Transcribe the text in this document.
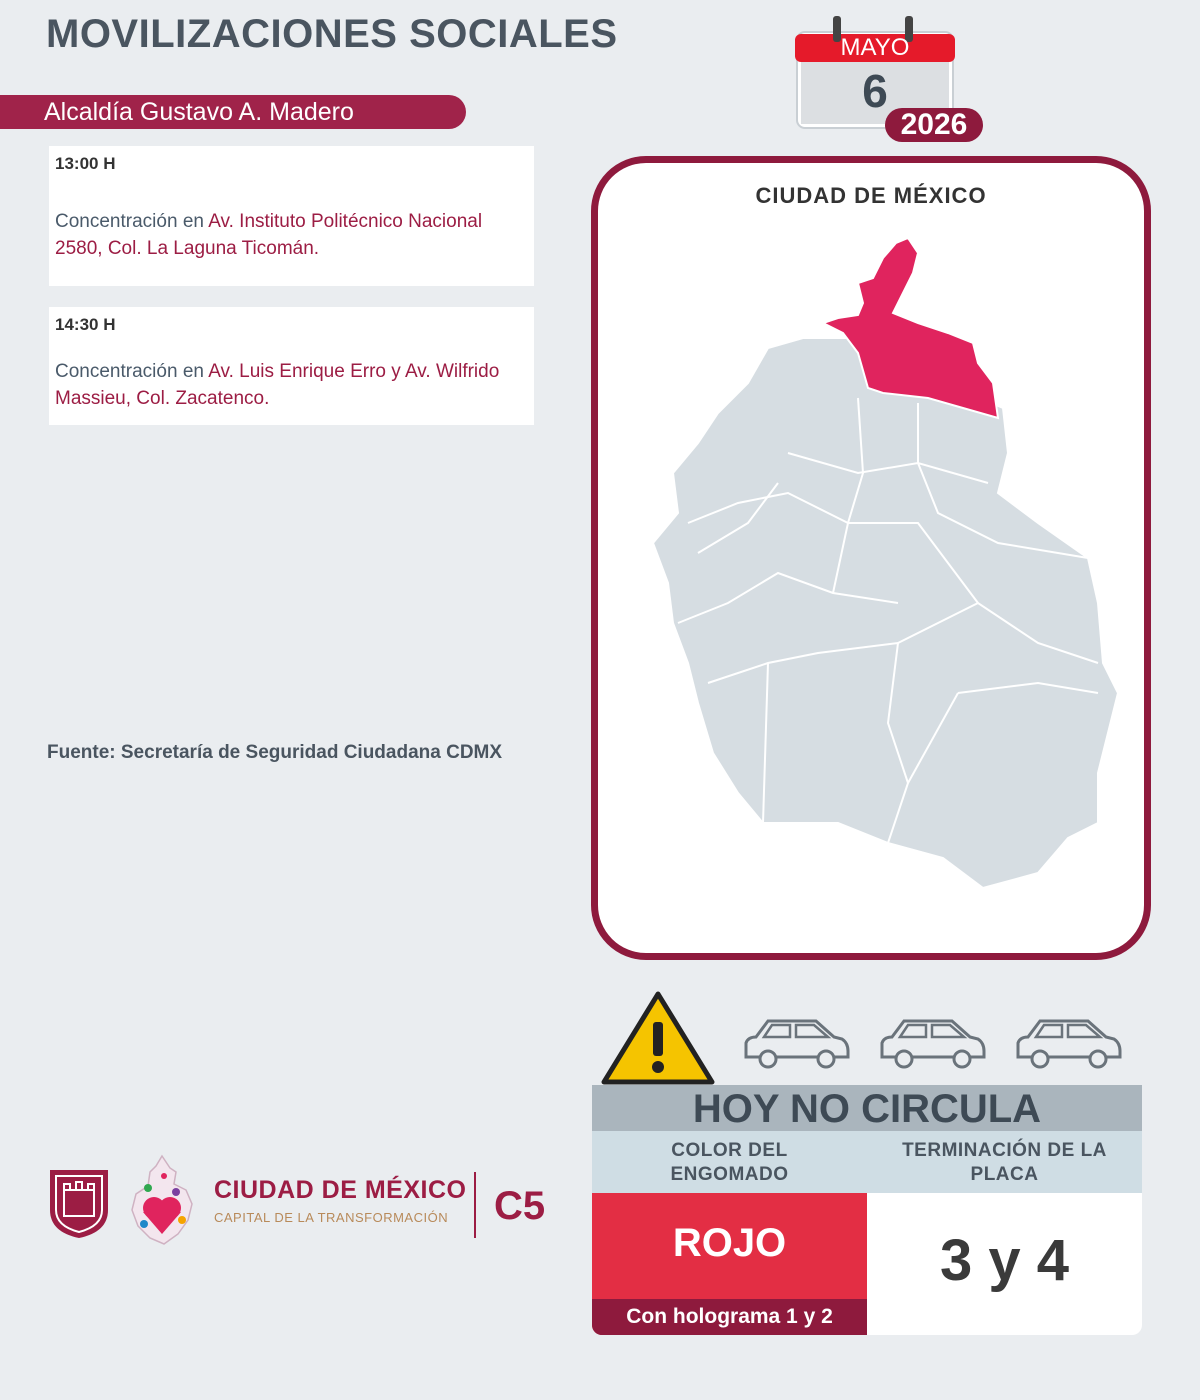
MOVILIZACIONES SOCIALES
Alcaldía Gustavo A. Madero
MAYO
6
2026
13:00 H
Concentración en Av. Instituto Politécnico Nacional 2580, Col. La Laguna Ticomán.
14:30 H
Concentración en Av. Luis Enrique Erro y Av. Wilfrido Massieu, Col. Zacatenco.
Fuente: Secretaría de Seguridad Ciudadana CDMX
CIUDAD DE MÉXICO
HOY NO CIRCULA
COLOR DEL ENGOMADO
TERMINACIÓN DE LA PLACA
ROJO
Con holograma 1 y 2
3 y 4
CIUDAD DE MÉXICO
CAPITAL DE LA TRANSFORMACIÓN C5
